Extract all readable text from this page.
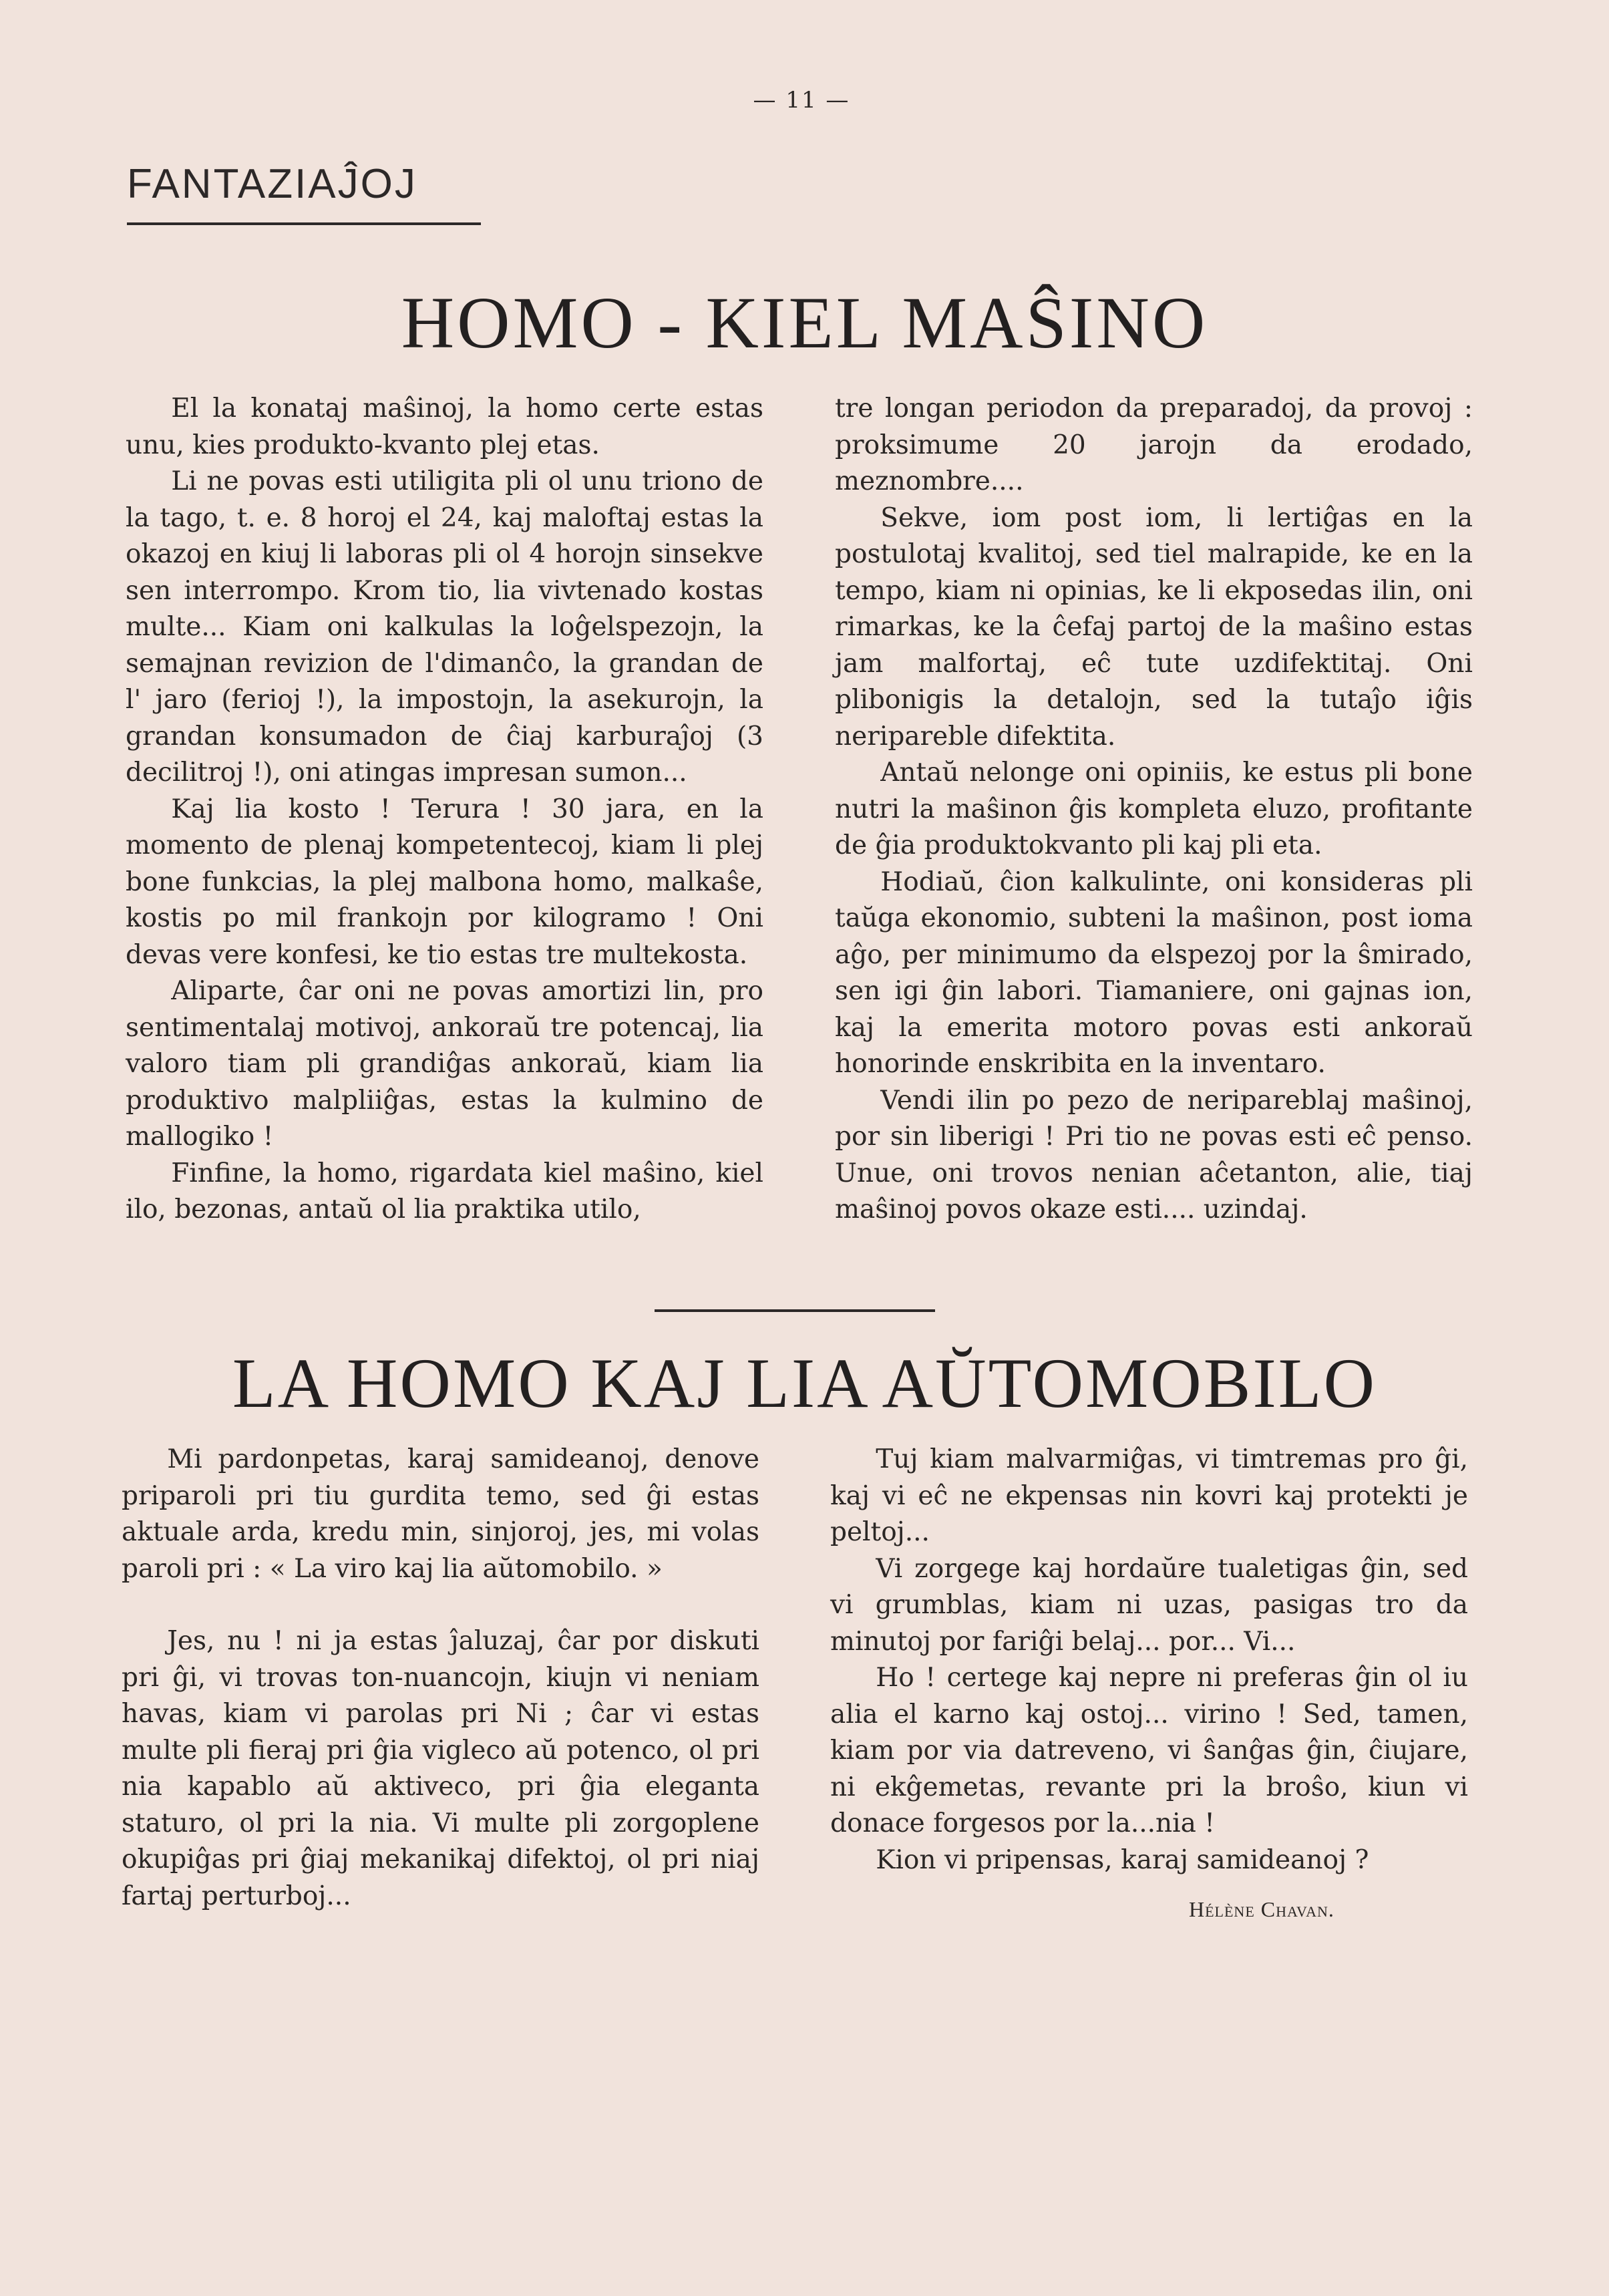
— 11 —
FANTAZIAĴOJ
HOMO - KIEL MAŜINO

El la konataj maŝinoj, la homo certe estas unu, kies produkto-kvanto plej etas.

Li ne povas esti utiligita pli ol unu triono de la tago, t. e. 8 horoj el 24, kaj maloftaj estas la okazoj en kiuj li laboras pli ol 4 horojn sinsekve sen interrompo. Krom tio, lia vivtenado kostas multe... Kiam oni kalkulas la loĝelspezojn, la semajnan revizion de l'dimanĉo, la grandan de l' jaro (ferioj !), la impostojn, la asekurojn, la grandan konsumadon de ĉiaj karburaĵoj (3 decilitroj !), oni atingas impresan sumon...

Kaj lia kosto ! Terura ! 30 jara, en la momento de plenaj kompetentecoj, kiam li plej bone funkcias, la plej malbona homo, malkaŝe, kostis po mil frankojn por kilogramo ! Oni devas vere konfesi, ke tio estas tre multekosta.

Aliparte, ĉar oni ne povas amortizi lin, pro sentimentalaj motivoj, ankoraŭ tre potencaj, lia valoro tiam pli grandiĝas ankoraŭ, kiam lia produktivo malpliiĝas, estas la kulmino de mallogiko !

Finfine, la homo, rigardata kiel maŝino, kiel ilo, bezonas, antaŭ ol lia praktika utilo,

tre longan periodon da preparadoj, da provoj : proksimume 20 jarojn da erodado, meznombre....

Sekve, iom post iom, li lertiĝas en la postulotaj kvalitoj, sed tiel malrapide, ke en la tempo, kiam ni opinias, ke li ekposedas ilin, oni rimarkas, ke la ĉefaj partoj de la maŝino estas jam malfortaj, eĉ tute uzdifektitaj. Oni plibonigis la detalojn, sed la tutaĵo iĝis neripareble difektita.

Antaŭ nelonge oni opiniis, ke estus pli bone nutri la maŝinon ĝis kompleta eluzo, profitante de ĝia produktokvanto pli kaj pli eta.

Hodiaŭ, ĉion kalkulinte, oni konsideras pli taŭga ekonomio, subteni la maŝinon, post ioma aĝo, per minimumo da elspezoj por la ŝmirado, sen igi ĝin labori. Tiamaniere, oni gajnas ion, kaj la emerita motoro povas esti ankoraŭ honorinde enskribita en la inventaro.

Vendi ilin po pezo de neripareblaj maŝinoj, por sin liberigi ! Pri tio ne povas esti eĉ penso. Unue, oni trovos nenian aĉetanton, alie, tiaj maŝinoj povos okaze esti.... uzindaj.

LA HOMO KAJ LIA AŬTOMOBILO

Mi pardonpetas, karaj samideanoj, denove priparoli pri tiu gurdita temo, sed ĝi estas aktuale arda, kredu min, sinjoroj, jes, mi volas paroli pri : « La viro kaj lia aŭtomobilo. »

Jes, nu ! ni ja estas ĵaluzaj, ĉar por diskuti pri ĝi, vi trovas ton-nuancojn, kiujn vi neniam havas, kiam vi parolas pri Ni ; ĉar vi estas multe pli fieraj pri ĝia vigleco aŭ potenco, ol pri nia kapablo aŭ aktiveco, pri ĝia eleganta staturo, ol pri la nia. Vi multe pli zorgoplene okupiĝas pri ĝiaj mekanikaj difektoj, ol pri niaj fartaj perturboj...

Tuj kiam malvarmiĝas, vi timtremas pro ĝi, kaj vi eĉ ne ekpensas nin kovri kaj protekti je peltoj...

Vi zorgege kaj hordaŭre tualetigas ĝin, sed vi grumblas, kiam ni uzas, pasigas tro da minutoj por fariĝi belaj... por... Vi...

Ho ! certege kaj nepre ni preferas ĝin ol iu alia el karno kaj ostoj... virino ! Sed, tamen, kiam por via datreveno, vi ŝanĝas ĝin, ĉiujare, ni ekĝemetas, revante pri la broŝo, kiun vi donace forgesos por la...nia !

Kion vi pripensas, karaj samideanoj ?

Hélène Chavan.
